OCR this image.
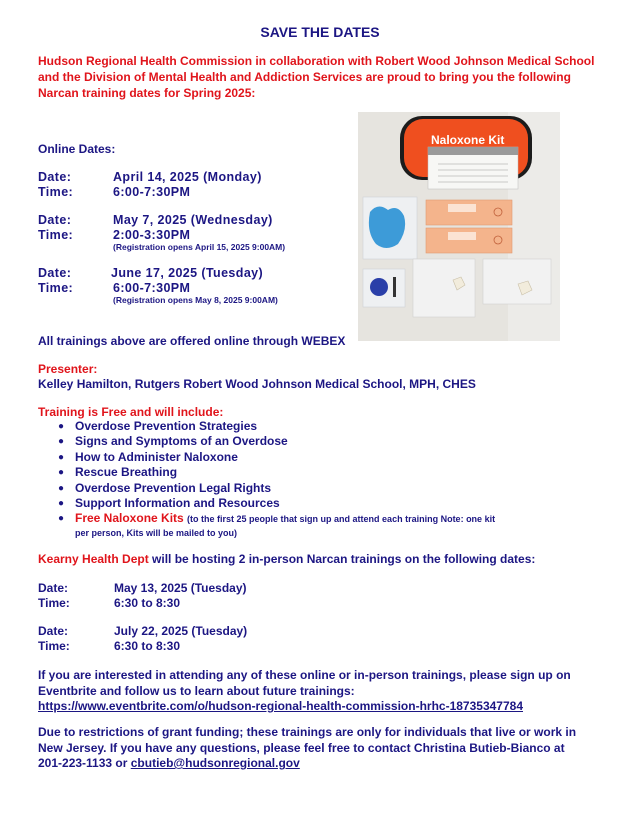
SAVE THE DATES
Hudson Regional Health Commission in collaboration with Robert Wood Johnson Medical School and the Division of Mental Health and Addiction Services are proud to bring you the following Narcan training dates for Spring 2025:
Online Dates:
Date:	April 14, 2025 (Monday)
Time:	6:00-7:30PM
Date:	May 7, 2025 (Wednesday)
Time:	2:00-3:30PM
(Registration opens April 15, 2025 9:00AM)
Date:	June 17, 2025 (Tuesday)
Time:	6:00-7:30PM
(Registration opens May 8, 2025 9:00AM)
Naloxone Kit
All trainings above are offered online through WEBEX
Presenter:
Kelley Hamilton, Rutgers Robert Wood Johnson Medical School, MPH, CHES
Training is Free and will include:
● Overdose Prevention Strategies
● Signs and Symptoms of an Overdose
● How to Administer Naloxone
● Rescue Breathing
● Overdose Prevention Legal Rights
● Support Information and Resources
● Free Naloxone Kits (to the first 25 people that sign up and attend each training Note: one kit
per person, Kits will be mailed to you)
Kearny Health Dept will be hosting 2 in-person Narcan trainings on the following dates:
Date:	May 13, 2025 (Tuesday)
Time:	6:30 to 8:30
Date:	July 22, 2025 (Tuesday)
Time:	6:30 to 8:30
If you are interested in attending any of these online or in-person trainings, please sign up on
Eventbrite and follow us to learn about future trainings:
https://www.eventbrite.com/o/hudson-regional-health-commission-hrhc-18735347784
Due to restrictions of grant funding; these trainings are only for individuals that live or work in
New Jersey. If you have any questions, please feel free to contact Christina Butieb-Bianco at
201-223-1133 or cbutieb@hudsonregional.gov
